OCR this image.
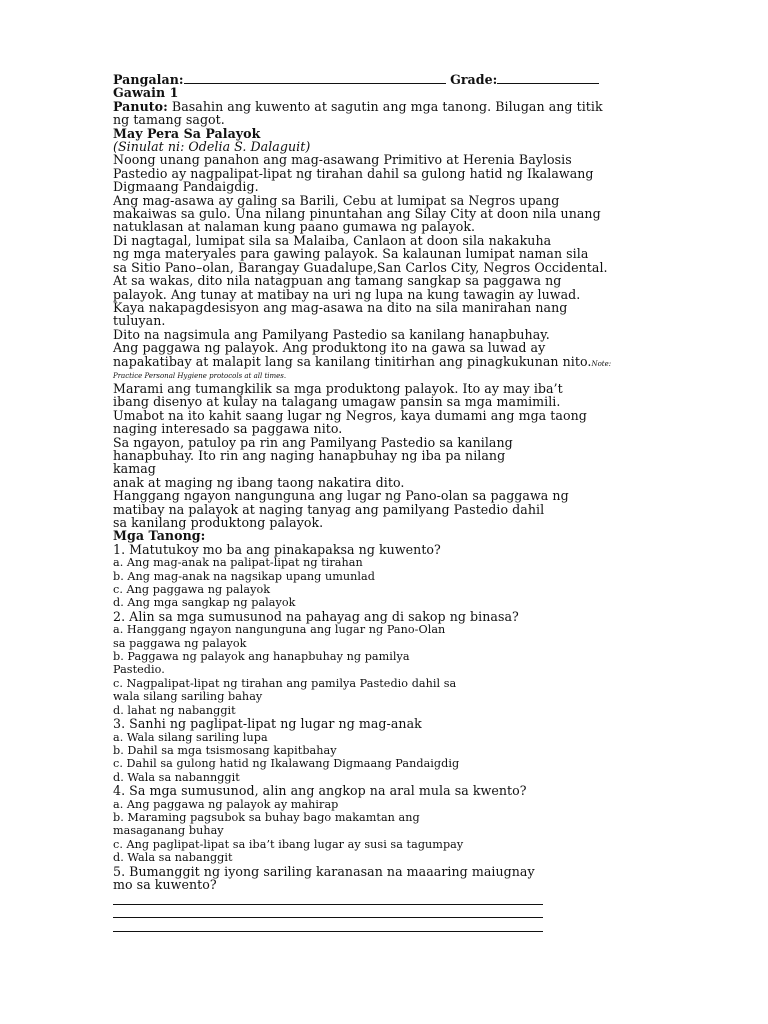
Pangalan:	Grade:
Gawain 1
Panuto: Basahin ang kuwento at sagutin ang mga tanong. Bilugan ang titik
ng tamang sagot.
May Pera Sa Palayok
(Sinulat ni: Odelia S. Dalaguit)
Noong unang panahon ang mag-asawang Primitivo at Herenia Baylosis
Pastedio ay nagpalipat-lipat ng tirahan dahil sa gulong hatid ng Ikalawang
Digmaang Pandaigdig.
Ang mag-asawa ay galing sa Barili, Cebu at lumipat sa Negros upang
makaiwas sa gulo. Una nilang pinuntahan ang Silay City at doon nila unang
natuklasan at nalaman kung paano gumawa ng palayok.
Di nagtagal, lumipat sila sa Malaiba, Canlaon at doon sila nakakuha
ng mga materyales para gawing palayok. Sa kalaunan lumipat naman sila
sa Sitio Pano–olan, Barangay Guadalupe,San Carlos City, Negros Occidental.
At sa wakas, dito nila natagpuan ang tamang sangkap sa paggawa ng
palayok. Ang tunay at matibay na uri ng lupa na kung tawagin ay luwad.
Kaya nakapagdesisyon ang mag-asawa na dito na sila manirahan nang
tuluyan.
Dito na nagsimula ang Pamilyang Pastedio sa kanilang hanapbuhay.
Ang paggawa ng palayok. Ang produktong ito na gawa sa luwad ay
napakatibay at malapit lang sa kanilang tinitirhan ang pinagkukunan nito.Note:
Practice Personal Hygiene protocols at all times.
Marami ang tumangkilik sa mga produktong palayok. Ito ay may iba’t
ibang disenyo at kulay na talagang umagaw pansin sa mga mamimili.
Umabot na ito kahit saang lugar ng Negros, kaya dumami ang mga taong
naging interesado sa paggawa nito.
Sa ngayon, patuloy pa rin ang Pamilyang Pastedio sa kanilang
hanapbuhay. Ito rin ang naging hanapbuhay ng iba pa nilang
kamag
anak at maging ng ibang taong nakatira dito.
Hanggang ngayon nangunguna ang lugar ng Pano-olan sa paggawa ng
matibay na palayok at naging tanyag ang pamilyang Pastedio dahil
sa kanilang produktong palayok.
Mga Tanong:
1. Matutukoy mo ba ang pinakapaksa ng kuwento?
a. Ang mag-anak na palipat-lipat ng tirahan
b. Ang mag-anak na nagsikap upang umunlad
c. Ang paggawa ng palayok
d. Ang mga sangkap ng palayok
2. Alin sa mga sumusunod na pahayag ang di sakop ng binasa?
a. Hanggang ngayon nangunguna ang lugar ng Pano-Olan
sa paggawa ng palayok
b. Paggawa ng palayok ang hanapbuhay ng pamilya
Pastedio.
c. Nagpalipat-lipat ng tirahan ang pamilya Pastedio dahil sa
wala silang sariling bahay
d. lahat ng nabanggit
3. Sanhi ng paglipat-lipat ng lugar ng mag-anak
a. Wala silang sariling lupa
b. Dahil sa mga tsismosang kapitbahay
c. Dahil sa gulong hatid ng Ikalawang Digmaang Pandaigdig
d. Wala sa nabannggit
4. Sa mga sumusunod, alin ang angkop na aral mula sa kwento?
a. Ang paggawa ng palayok ay mahirap
b. Maraming pagsubok sa buhay bago makamtan ang
masaganang buhay
c. Ang paglipat-lipat sa iba’t ibang lugar ay susi sa tagumpay
d. Wala sa nabanggit
5. Bumanggit ng iyong sariling karanasan na maaaring maiugnay
mo sa kuwento?
